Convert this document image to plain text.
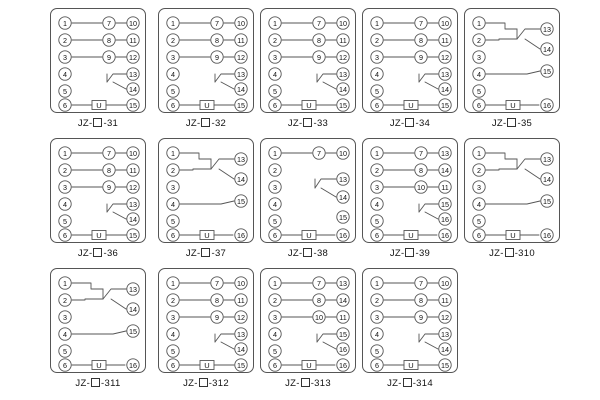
1
2
3
4
5
6
7	10
8	11
9	12
13
14
15
U
JZ- -31
1
2
3
4
5
6
7	10
8	11
9	12
13
14
15
U
JZ- -32
1
2
3
4
5
6
7	10
8	11
9	12
13
14
15
U
JZ- -33
1
2
3
4
5
6
7	10
8	11
9	12
13
14
15
U
JZ- -34
1
2
3
4
5
6
13
14
15
U	16
JZ- -35
1
2
3
4
5
6
7	10
8	11
9	12
13
14
15
U
JZ- -36
1
2
3
4
5
6
13
14
15
U	16
JZ- -37
1
2
3
4
5
6
7	10
13
14
15
U	16
JZ- -38
1
2
3
4
5
6
7	13
8	14
10 11
15
16
U	16
JZ- -39
1
2
3
4
5
6
13
14
15
U	16
JZ- -310
1
2
3
4
5
6
13
14
15
U	16
JZ- -311
1
2
3
4
5
6
7	10
8	11
9	12
13
14
15
U
JZ- -312
1
2
3
4
5
6
7	13
8	14
10 11
15
16
U	16
JZ- -313
1
2
3
4
5
6
7	10
8	11
9	12
13
14
15
U
JZ- -314
